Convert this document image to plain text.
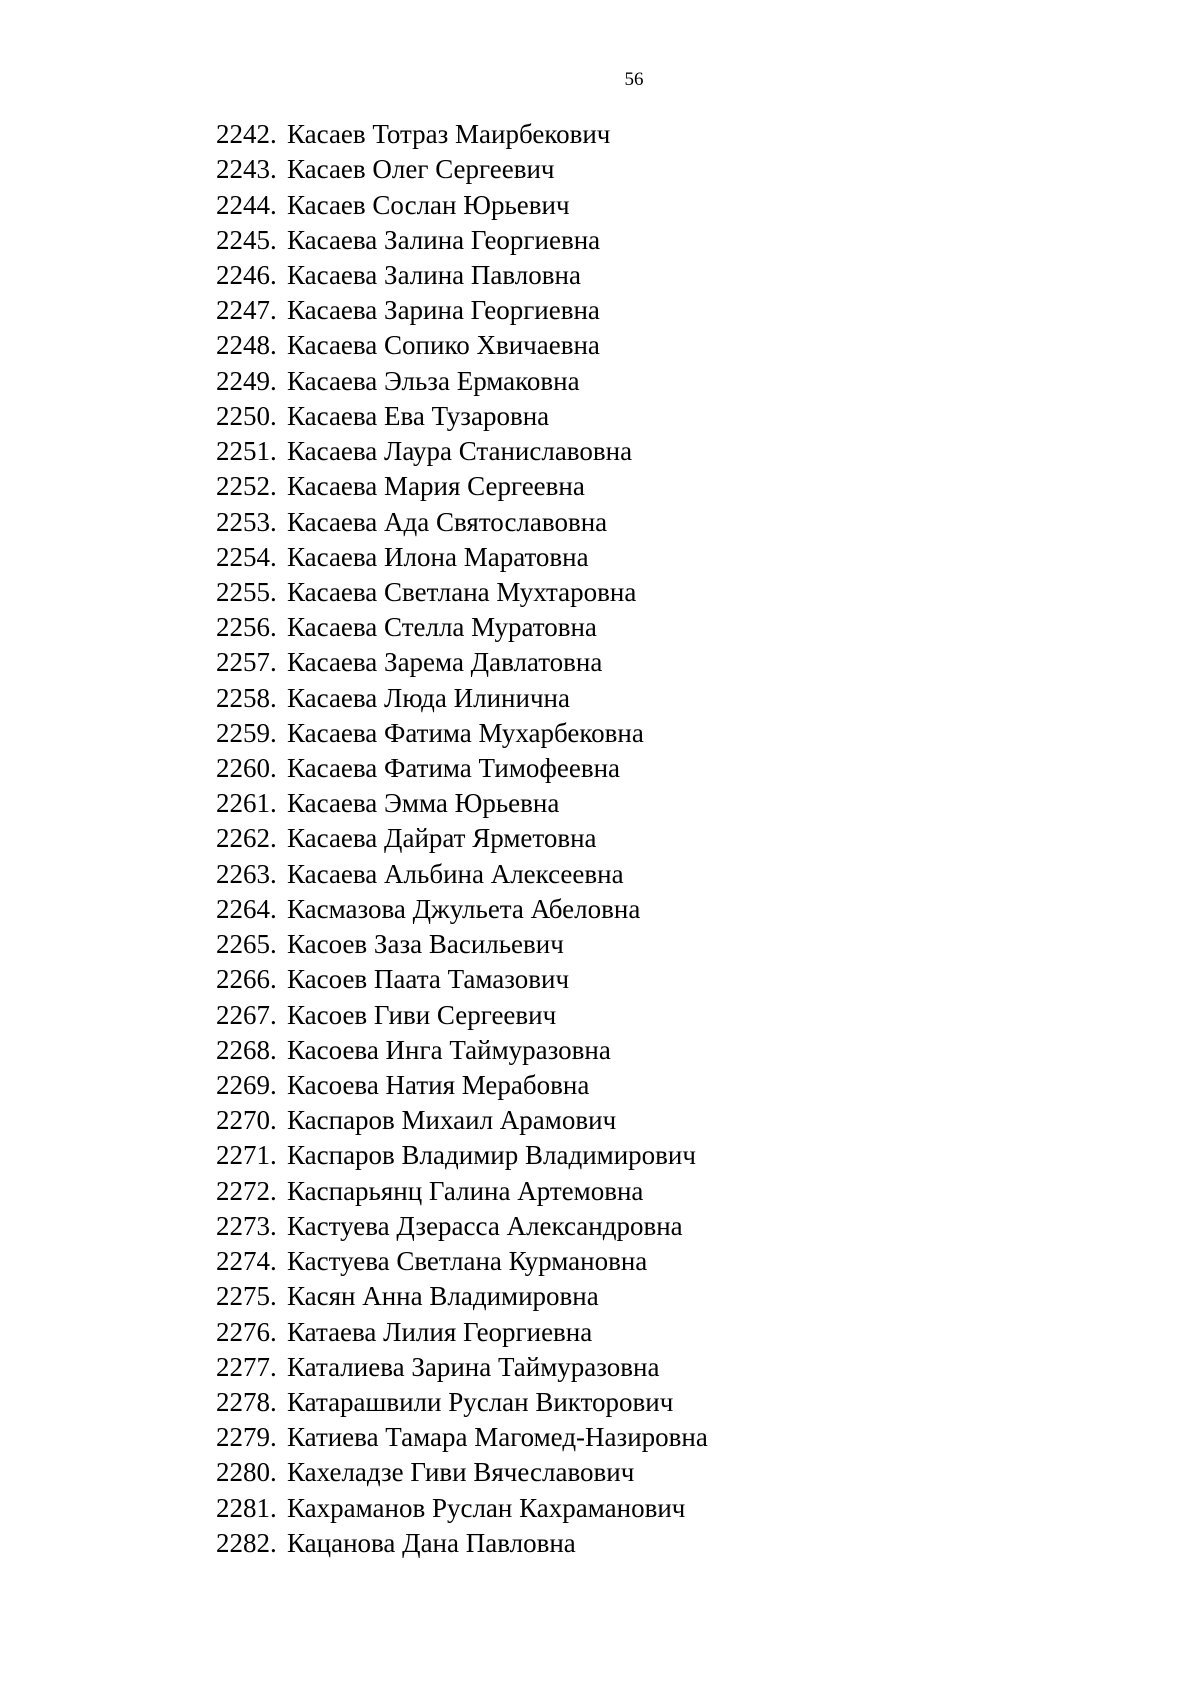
56
2242. Касаев Тотраз Маирбекович
2243. Касаев Олег Сергеевич
2244. Касаев Сослан Юрьевич
2245. Касаева Залина Георгиевна
2246. Касаева Залина Павловна
2247. Касаева Зарина Георгиевна
2248. Касаева Сопико Хвичаевна
2249. Касаева Эльза Ермаковна
2250. Касаева Ева Тузаровна
2251. Касаева Лаура Станиславовна
2252. Касаева Мария Сергеевна
2253. Касаева Ада Святославовна
2254. Касаева Илона Маратовна
2255. Касаева Светлана Мухтаровна
2256. Касаева Стелла Муратовна
2257. Касаева Зарема Давлатовна
2258. Касаева Люда Илинична
2259. Касаева Фатима Мухарбековна
2260. Касаева Фатима Тимофеевна
2261. Касаева Эмма Юрьевна
2262. Касаева Дайрат Ярметовна
2263. Касаева Альбина Алексеевна
2264. Касмазова Джульета Абеловна
2265. Касоев Заза Васильевич
2266. Касоев Паата Тамазович
2267. Касоев Гиви Сергеевич
2268. Касоева Инга Таймуразовна
2269. Касоева Натия Мерабовна
2270. Каспаров Михаил Арамович
2271. Каспаров Владимир Владимирович
2272. Каспарьянц Галина Артемовна
2273. Кастуева Дзерасса Александровна
2274. Кастуева Светлана Курмановна
2275. Касян Анна Владимировна
2276. Катаева Лилия Георгиевна
2277. Каталиева Зарина Таймуразовна
2278. Катарашвили Руслан Викторович
2279. Катиева Тамара Магомед-Назировна
2280. Кахеладзе Гиви Вячеславович
2281. Кахраманов Руслан Кахраманович
2282. Кацанова Дана Павловна
